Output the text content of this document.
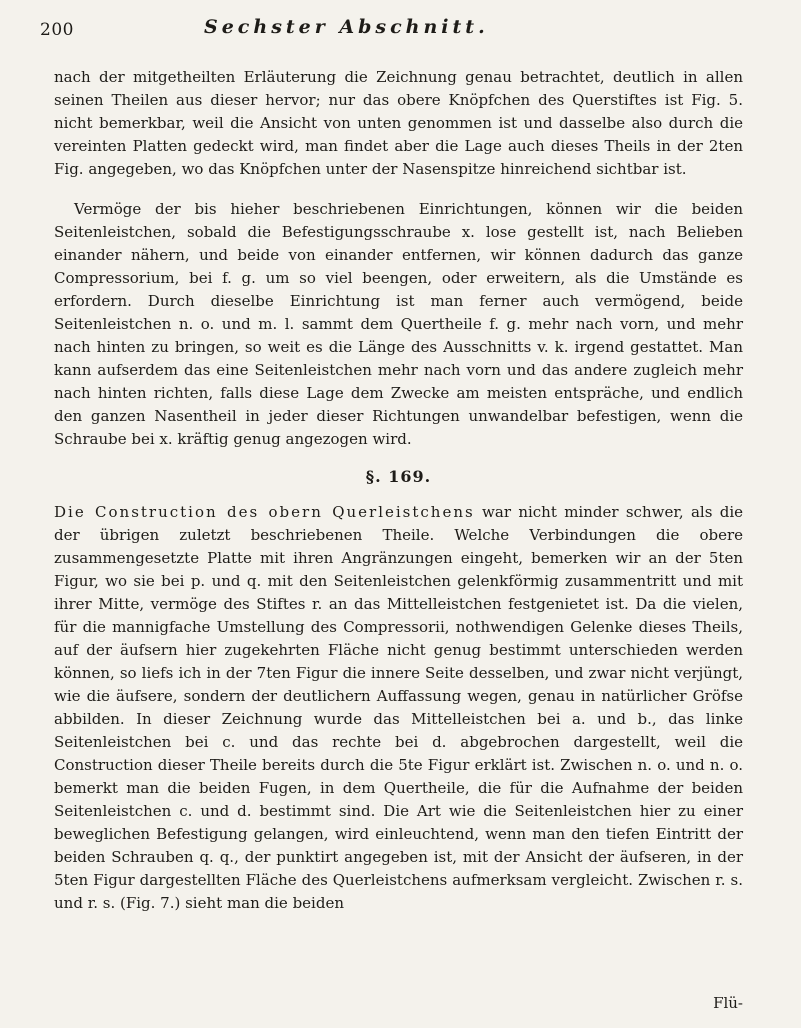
200	Sechster Abschnitt.

nach der mitgetheilten Erläuterung die Zeichnung genau betrachtet, deutlich in allen seinen Theilen aus dieser hervor; nur das obere Knöpfchen des Querstiftes ist Fig. 5. nicht bemerkbar, weil die Ansicht von unten genommen ist und dasselbe also durch die vereinten Platten gedeckt wird, man findet aber die Lage auch dieses Theils in der 2ten Fig. angegeben, wo das Knöpfchen unter der Nasenspitze hinreichend sichtbar ist.

Vermöge der bis hieher beschriebenen Einrichtungen, können wir die beiden Seitenleistchen, sobald die Befestigungsschraube x. lose gestellt ist, nach Belieben einander nähern, und beide von einander entfernen, wir können dadurch das ganze Compressorium, bei f. g. um so viel beengen, oder erweitern, als die Umstände es erfordern. Durch dieselbe Einrichtung ist man ferner auch vermögend, beide Seitenleistchen n. o. und m. l. sammt dem Quertheile f. g. mehr nach vorn, und mehr nach hinten zu bringen, so weit es die Länge des Ausschnitts v. k. irgend gestattet. Man kann aufserdem das eine Seitenleistchen mehr nach vorn und das andere zugleich mehr nach hinten richten, falls diese Lage dem Zwecke am meisten entspräche, und endlich den ganzen Nasentheil in jeder dieser Richtungen unwandelbar befestigen, wenn die Schraube bei x. kräftig genug angezogen wird.

§. 169.

Die Construction des obern Querleistchens war nicht minder schwer, als die der übrigen zuletzt beschriebenen Theile. Welche Verbindungen die obere zusammengesetzte Platte mit ihren Angränzungen eingeht, bemerken wir an der 5ten Figur, wo sie bei p. und q. mit den Seitenleistchen gelenkförmig zusammentritt und mit ihrer Mitte, vermöge des Stiftes r. an das Mittelleistchen festgenietet ist. Da die vielen, für die mannigfache Umstellung des Compressorii, nothwendigen Gelenke dieses Theils, auf der äufsern hier zugekehrten Fläche nicht genug bestimmt unterschieden werden können, so liefs ich in der 7ten Figur die innere Seite desselben, und zwar nicht verjüngt, wie die äufsere, sondern der deutlichern Auffassung wegen, genau in natürlicher Gröfse abbilden. In dieser Zeichnung wurde das Mittelleistchen bei a. und b., das linke Seitenleistchen bei c. und das rechte bei d. abgebrochen dargestellt, weil die Construction dieser Theile bereits durch die 5te Figur erklärt ist. Zwischen n. o. und n. o. bemerkt man die beiden Fugen, in dem Quertheile, die für die Aufnahme der beiden Seitenleistchen c. und d. bestimmt sind. Die Art wie die Seitenleistchen hier zu einer beweglichen Befestigung gelangen, wird einleuchtend, wenn man den tiefen Eintritt der beiden Schrauben q. q., der punktirt angegeben ist, mit der Ansicht der äufseren, in der 5ten Figur dargestellten Fläche des Querleistchens aufmerksam vergleicht. Zwischen r. s. und r. s. (Fig. 7.) sieht man die beiden

Flü-
